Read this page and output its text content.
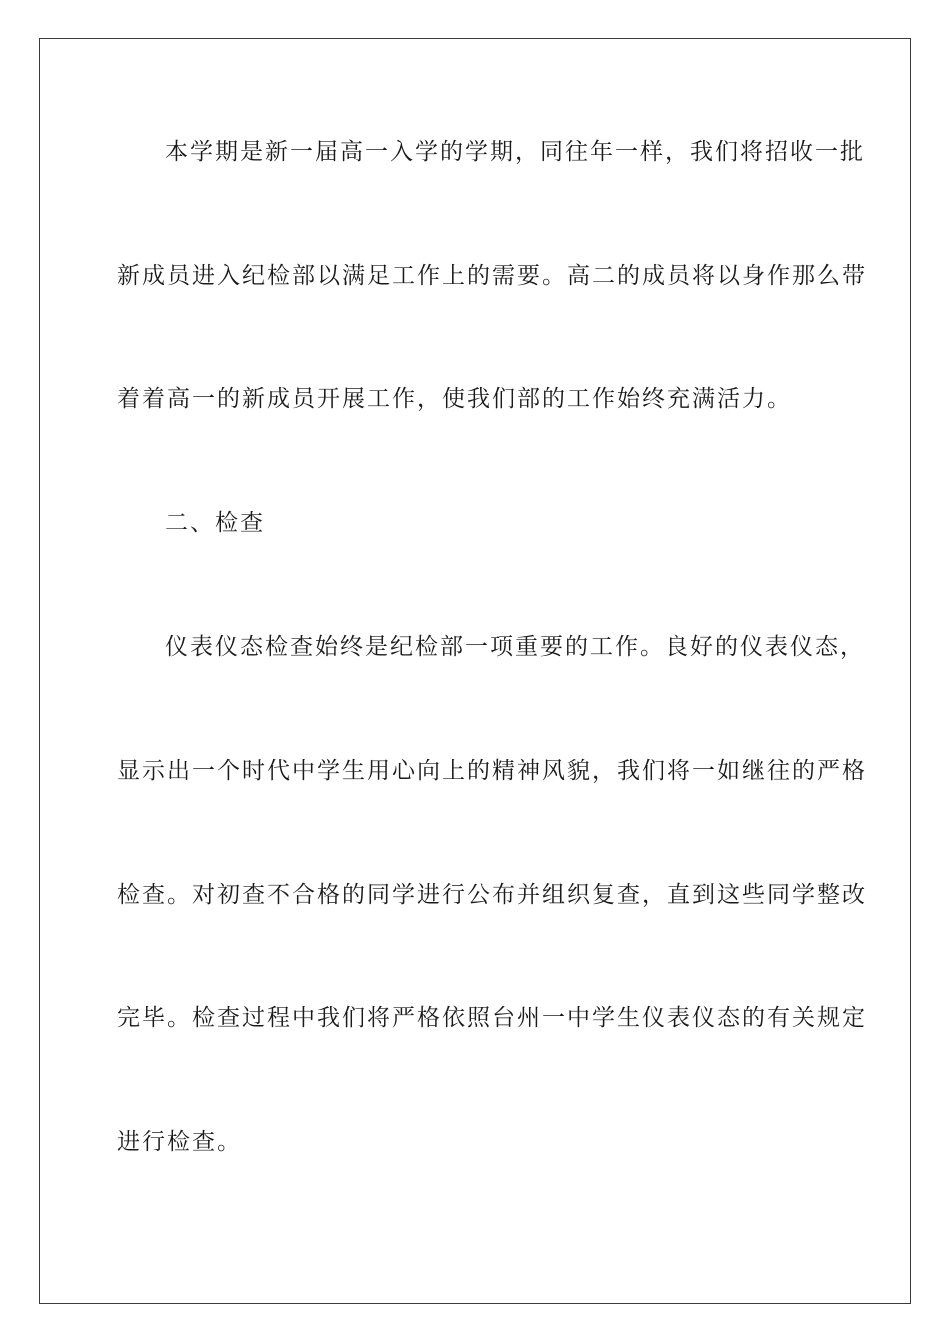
本学期是新一届高一入学的学期，同往年一样，我们将招收一批
新成员进入纪检部以满足工作上的需要。高二的成员将以身作那么带
着着高一的新成员开展工作，使我们部的工作始终充满活力。
二、检查
仪表仪态检查始终是纪检部一项重要的工作。良好的仪表仪态，
显示出一个时代中学生用心向上的精神风貌，我们将一如继往的严格
检查。对初查不合格的同学进行公布并组织复查，直到这些同学整改
完毕。检查过程中我们将严格依照台州一中学生仪表仪态的有关规定
进行检查。
